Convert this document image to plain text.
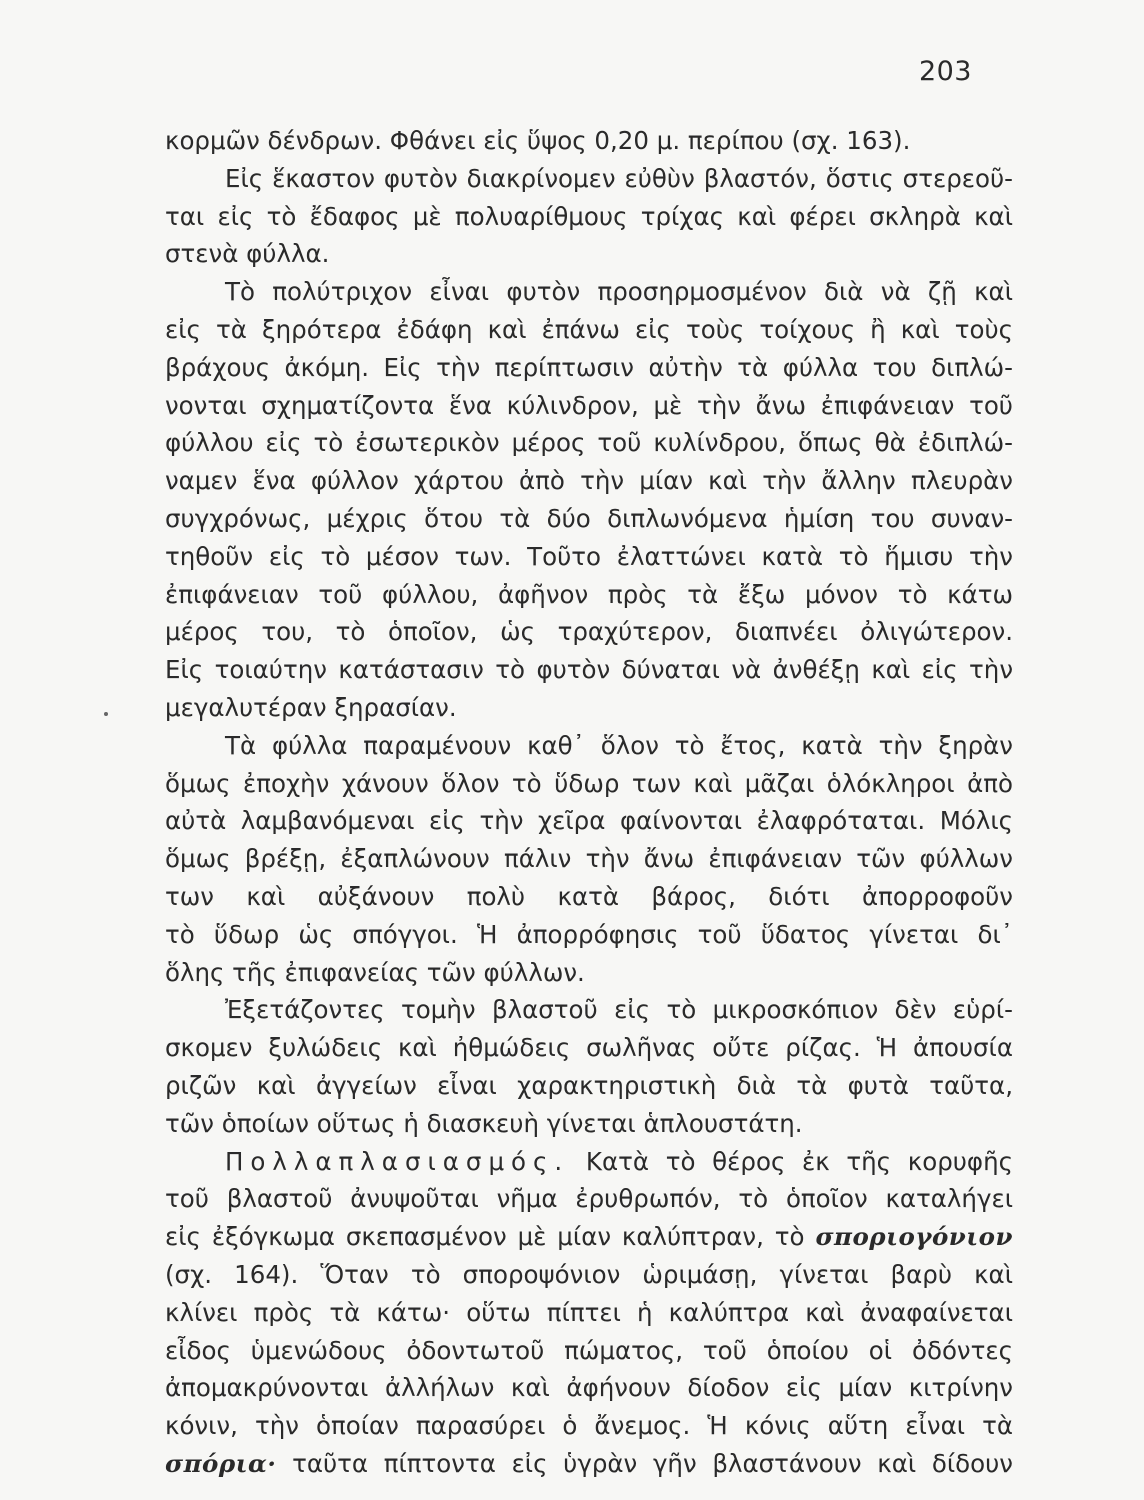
203

κορμῶν δένδρων. Φθάνει εἰς ὕψος 0,20 μ. περίπου (σχ. 163).

Εἰς ἕκαστον φυτὸν διακρίνομεν εὐθὺν βλαστόν, ὅστις στερεοῦ-
ται εἰς τὸ ἔδαφος μὲ πολυαρίθμους τρίχας καὶ φέρει σκληρὰ καὶ
στενὰ φύλλα.

Τὸ πολύτριχον εἶναι φυτὸν προσηρμοσμένον διὰ νὰ ζῇ καὶ
εἰς τὰ ξηρότερα ἐδάφη καὶ ἐπάνω εἰς τοὺς τοίχους ἢ καὶ τοὺς
βράχους ἀκόμη. Εἰς τὴν περίπτωσιν αὐτὴν τὰ φύλλα του διπλώ-
νονται σχηματίζοντα ἕνα κύλινδρον, μὲ τὴν ἄνω ἐπιφάνειαν τοῦ
φύλλου εἰς τὸ ἐσωτερικὸν μέρος τοῦ κυλίνδρου, ὅπως θὰ ἐδιπλώ-
ναμεν ἕνα φύλλον χάρτου ἀπὸ τὴν μίαν καὶ τὴν ἄλλην πλευρὰν
συγχρόνως, μέχρις ὅτου τὰ δύο διπλωνόμενα ἡμίση του συναν-
τηθοῦν εἰς τὸ μέσον των. Τοῦτο ἐλαττώνει κατὰ τὸ ἥμισυ τὴν
ἐπιφάνειαν τοῦ φύλλου, ἀφῆνον πρὸς τὰ ἔξω μόνον τὸ κάτω
μέρος του, τὸ ὁποῖον, ὡς τραχύτερον, διαπνέει ὀλιγώτερον.
Εἰς τοιαύτην κατάστασιν τὸ φυτὸν δύναται νὰ ἀνθέξῃ καὶ εἰς τὴν
μεγαλυτέραν ξηρασίαν.

Τὰ φύλλα παραμένουν καθ᾿ ὅλον τὸ ἔτος, κατὰ τὴν ξηρὰν
ὅμως ἐποχὴν χάνουν ὅλον τὸ ὕδωρ των καὶ μᾶζαι ὁλόκληροι ἀπὸ
αὐτὰ λαμβανόμεναι εἰς τὴν χεῖρα φαίνονται ἐλαφρόταται. Μόλις
ὅμως βρέξῃ, ἐξαπλώνουν πάλιν τὴν ἄνω ἐπιφάνειαν τῶν φύλλων
των καὶ αὐξάνουν πολὺ κατὰ βάρος, διότι ἀπορροφοῦν
τὸ ὕδωρ ὡς σπόγγοι. Ἡ ἀπορρόφησις τοῦ ὕδατος γίνεται δι᾿
ὅλης τῆς ἐπιφανείας τῶν φύλλων.

Ἐξετάζοντες τομὴν βλαστοῦ εἰς τὸ μικροσκόπιον δὲν εὑρί-
σκομεν ξυλώδεις καὶ ἠθμώδεις σωλῆνας οὔτε ρίζας. Ἡ ἀπουσία
ριζῶν καὶ ἀγγείων εἶναι χαρακτηριστικὴ διὰ τὰ φυτὰ ταῦτα,
τῶν ὁποίων οὕτως ἡ διασκευὴ γίνεται ἁπλουστάτη.

Πολλαπλασιασμός. Κατὰ τὸ θέρος ἐκ τῆς κορυφῆς
τοῦ βλαστοῦ ἀνυψοῦται νῆμα ἐρυθρωπόν, τὸ ὁποῖον καταλήγει
εἰς ἐξόγκωμα σκεπασμένον μὲ μίαν καλύπτραν, τὸ σποριογόνιον
(σχ. 164). Ὅταν τὸ σποροψόνιον ὡριμάσῃ, γίνεται βαρὺ καὶ
κλίνει πρὸς τὰ κάτω· οὕτω πίπτει ἡ καλύπτρα καὶ ἀναφαίνεται
εἶδος ὑμενώδους ὀδοντωτοῦ πώματος, τοῦ ὁποίου οἱ ὀδόντες
ἀπομακρύνονται ἀλλήλων καὶ ἀφήνουν δίοδον εἰς μίαν κιτρίνην
κόνιν, τὴν ὁποίαν παρασύρει ὁ ἄνεμος. Ἡ κόνις αὕτη εἶναι τὰ
σπόρια· ταῦτα πίπτοντα εἰς ὑγρὰν γῆν βλαστάνουν καὶ δίδουν
